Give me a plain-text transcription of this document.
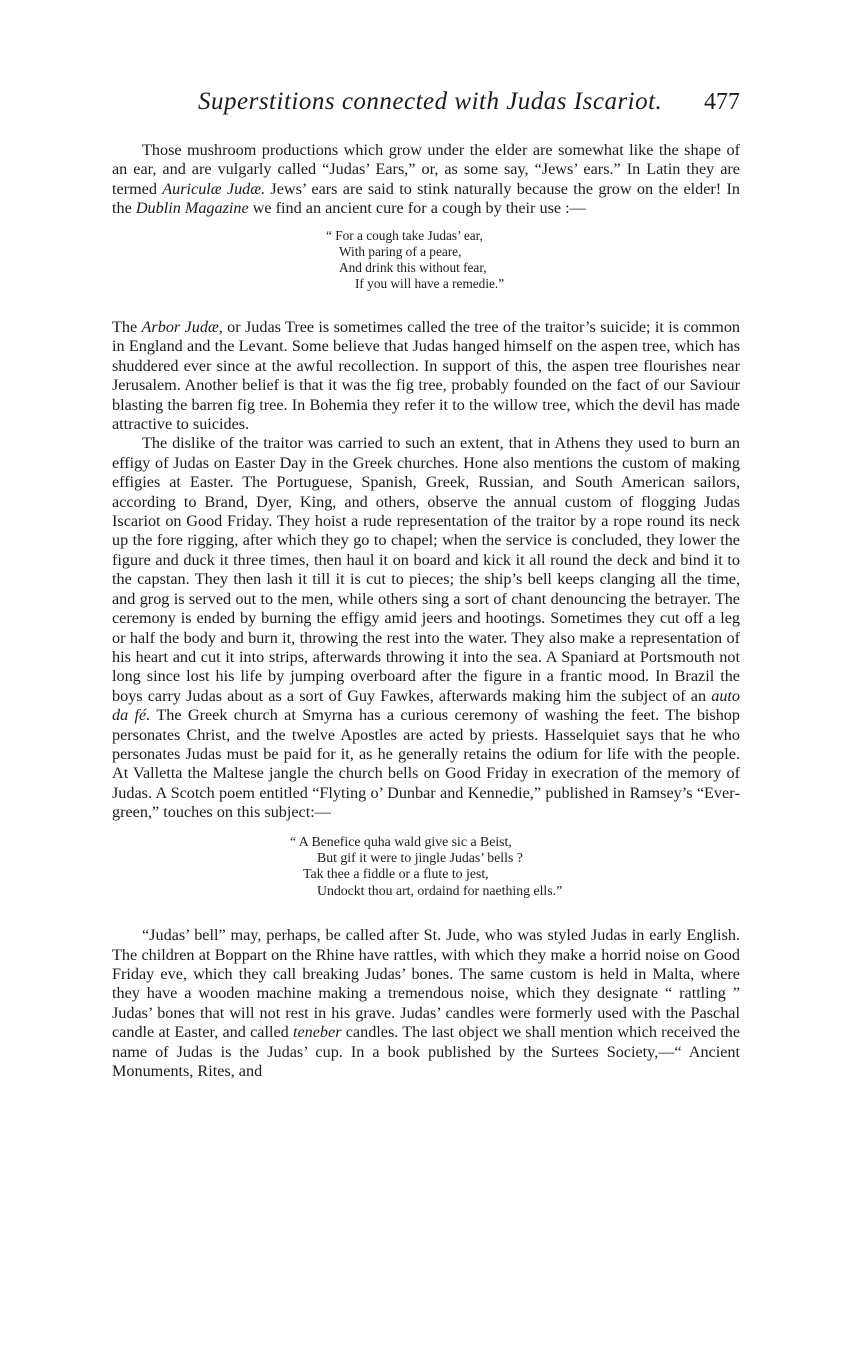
Superstitions connected with Judas Iscariot. 477

Those mushroom productions which grow under the elder are somewhat like the shape of an ear, and are vulgarly called “Judas’ Ears,” or, as some say, “Jews’ ears.” In Latin they are termed Auriculæ Judæ. Jews’ ears are said to stink naturally because the grow on the elder! In the Dublin Magazine we find an ancient cure for a cough by their use :—

“ For a cough take Judas’ ear,
With paring of a peare,
And drink this without fear,
If you will have a remedie.”

The Arbor Judæ, or Judas Tree is sometimes called the tree of the traitor’s suicide; it is common in England and the Levant. Some believe that Judas hanged himself on the aspen tree, which has shuddered ever since at the awful recollection. In support of this, the aspen tree flourishes near Jerusalem. Another belief is that it was the fig tree, probably founded on the fact of our Saviour blasting the barren fig tree. In Bohemia they refer it to the willow tree, which the devil has made attractive to suicides.

The dislike of the traitor was carried to such an extent, that in Athens they used to burn an effigy of Judas on Easter Day in the Greek churches. Hone also mentions the custom of making effigies at Easter. The Portuguese, Spanish, Greek, Russian, and South American sailors, according to Brand, Dyer, King, and others, observe the annual custom of flogging Judas Iscariot on Good Friday. They hoist a rude representation of the traitor by a rope round its neck up the fore rigging, after which they go to chapel; when the service is concluded, they lower the figure and duck it three times, then haul it on board and kick it all round the deck and bind it to the capstan. They then lash it till it is cut to pieces; the ship’s bell keeps clanging all the time, and grog is served out to the men, while others sing a sort of chant denouncing the betrayer. The ceremony is ended by burning the effigy amid jeers and hootings. Sometimes they cut off a leg or half the body and burn it, throwing the rest into the water. They also make a representation of his heart and cut it into strips, afterwards throwing it into the sea. A Spaniard at Portsmouth not long since lost his life by jumping overboard after the figure in a frantic mood. In Brazil the boys carry Judas about as a sort of Guy Fawkes, afterwards making him the subject of an auto da fé. The Greek church at Smyrna has a curious ceremony of washing the feet. The bishop personates Christ, and the twelve Apostles are acted by priests. Hasselquiet says that he who personates Judas must be paid for it, as he generally retains the odium for life with the people. At Valletta the Maltese jangle the church bells on Good Friday in execration of the memory of Judas. A Scotch poem entitled “Flyting o’ Dunbar and Kennedie,” published in Ramsey’s “Evergreen,” touches on this subject:—

“ A Benefice quha wald give sic a Beist,
But gif it were to jingle Judas’ bells ?
Tak thee a fiddle or a flute to jest,
Undockt thou art, ordaind for naething ells.”

“Judas’ bell” may, perhaps, be called after St. Jude, who was styled Judas in early English. The children at Boppart on the Rhine have rattles, with which they make a horrid noise on Good Friday eve, which they call breaking Judas’ bones. The same custom is held in Malta, where they have a wooden machine making a tremendous noise, which they designate “ rattling ” Judas’ bones that will not rest in his grave. Judas’ candles were formerly used with the Paschal candle at Easter, and called teneber candles. The last object we shall mention which received the name of Judas is the Judas’ cup. In a book published by the Surtees Society,—“ Ancient Monuments, Rites, and
